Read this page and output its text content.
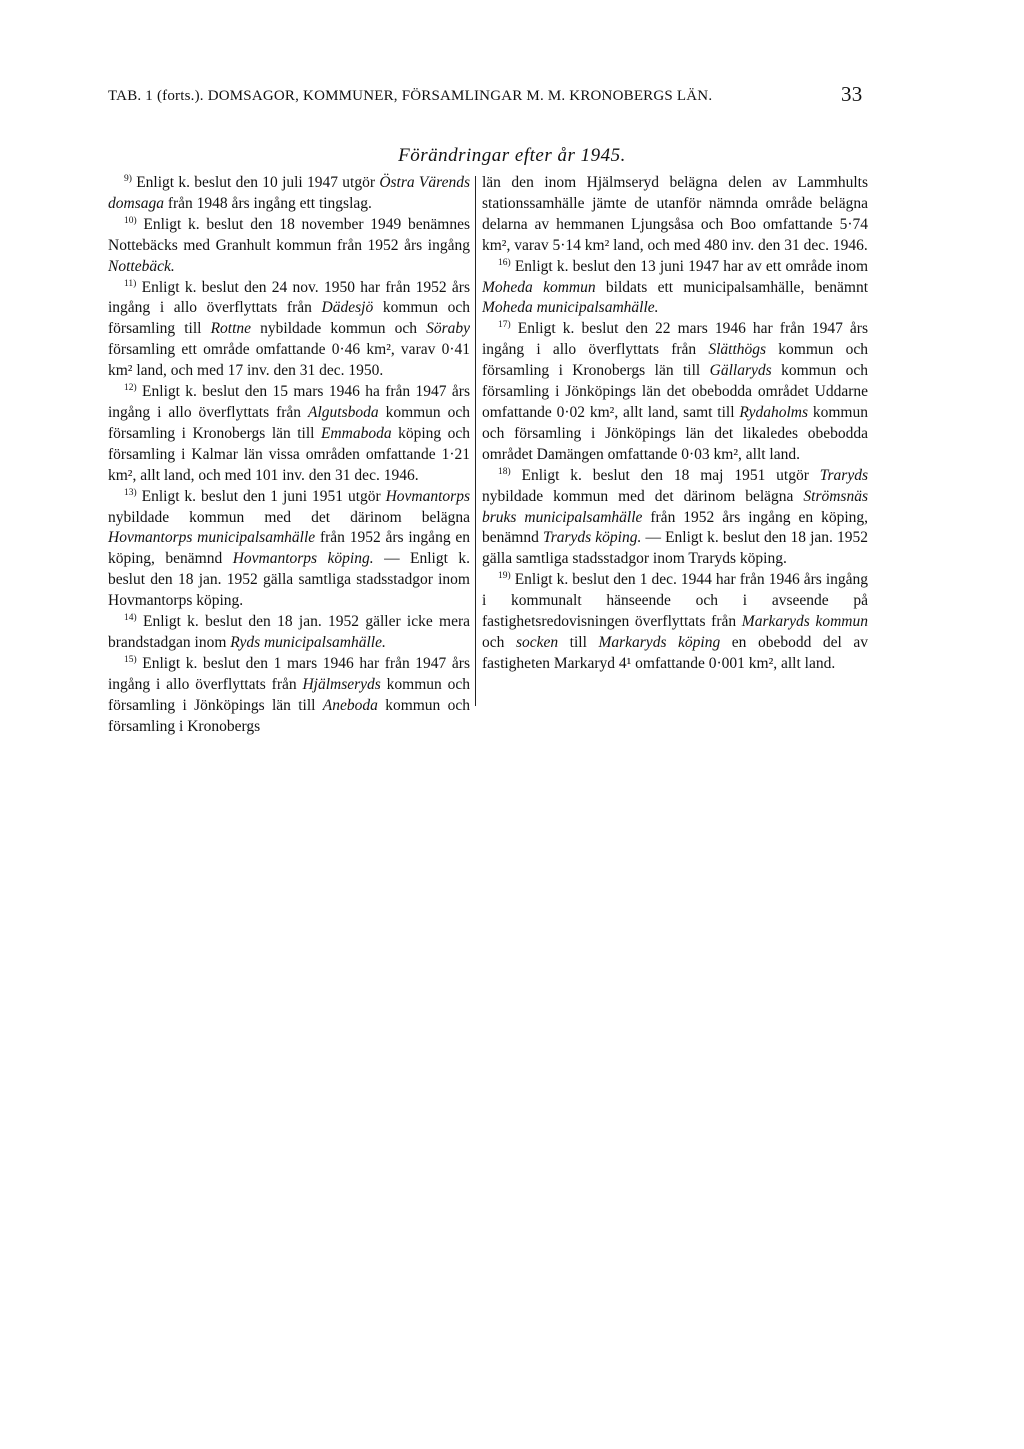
TAB. 1 (forts.). DOMSAGOR, KOMMUNER, FÖRSAMLINGAR M. M. KRONOBERGS LÄN.	33
Förändringar efter år 1945.

$^{9)}$ Enligt k. beslut den 10 juli 1947 utgör Östra Värends domsaga från 1948 års ingång ett tingslag.

$^{10)}$ Enligt k. beslut den 18 november 1949 benämnes Nottebäcks med Granhult kommun från 1952 års ingång Nottebäck.

$^{11)}$ Enligt k. beslut den 24 nov. 1950 har från 1952 års ingång i allo överflyttats från Dädesjö kommun och församling till Rottne nybildade kommun och Söraby församling ett område omfattande 0·46 km², varav 0·41 km² land, och med 17 inv. den 31 dec. 1950.

$^{12)}$ Enligt k. beslut den 15 mars 1946 ha från 1947 års ingång i allo överflyttats från Algutsboda kommun och församling i Kronobergs län till Emmaboda köping och församling i Kalmar län vissa områden omfattande 1·21 km², allt land, och med 101 inv. den 31 dec. 1946.

$^{13)}$ Enligt k. beslut den 1 juni 1951 utgör Hovmantorps nybildade kommun med det därinom belägna Hovmantorps municipalsamhälle från 1952 års ingång en köping, benämnd Hovmantorps köping. — Enligt k. beslut den 18 jan. 1952 gälla samtliga stadsstadgor inom Hovmantorps köping.

$^{14)}$ Enligt k. beslut den 18 jan. 1952 gäller icke mera brandstadgan inom Ryds municipalsamhälle.

$^{15)}$ Enligt k. beslut den 1 mars 1946 har från 1947 års ingång i allo överflyttats från Hjälmseryds kommun och församling i Jönköpings län till Aneboda kommun och församling i Kronobergs

län den inom Hjälmseryd belägna delen av Lammhults stationssamhälle jämte de utanför nämnda område belägna delarna av hemmanen Ljungsåsa och Boo omfattande 5·74 km², varav 5·14 km² land, och med 480 inv. den 31 dec. 1946.

$^{16)}$ Enligt k. beslut den 13 juni 1947 har av ett område inom Moheda kommun bildats ett municipalsamhälle, benämnt Moheda municipalsamhälle.

$^{17)}$ Enligt k. beslut den 22 mars 1946 har från 1947 års ingång i allo överflyttats från Slätthögs kommun och församling i Kronobergs län till Gällaryds kommun och församling i Jönköpings län det obebodda området Uddarne omfattande 0·02 km², allt land, samt till Rydaholms kommun och församling i Jönköpings län det likaledes obebodda området Damängen omfattande 0·03 km², allt land.

$^{18)}$ Enligt k. beslut den 18 maj 1951 utgör Traryds nybildade kommun med det därinom belägna Strömsnäs bruks municipalsamhälle från 1952 års ingång en köping, benämnd Traryds köping. — Enligt k. beslut den 18 jan. 1952 gälla samtliga stadsstadgor inom Traryds köping.

$^{19)}$ Enligt k. beslut den 1 dec. 1944 har från 1946 års ingång i kommunalt hänseende och i avseende på fastighetsredovisningen överflyttats från Markaryds kommun och socken till Markaryds köping en obebodd del av fastigheten Markaryd 4¹ omfattande 0·001 km², allt land.
